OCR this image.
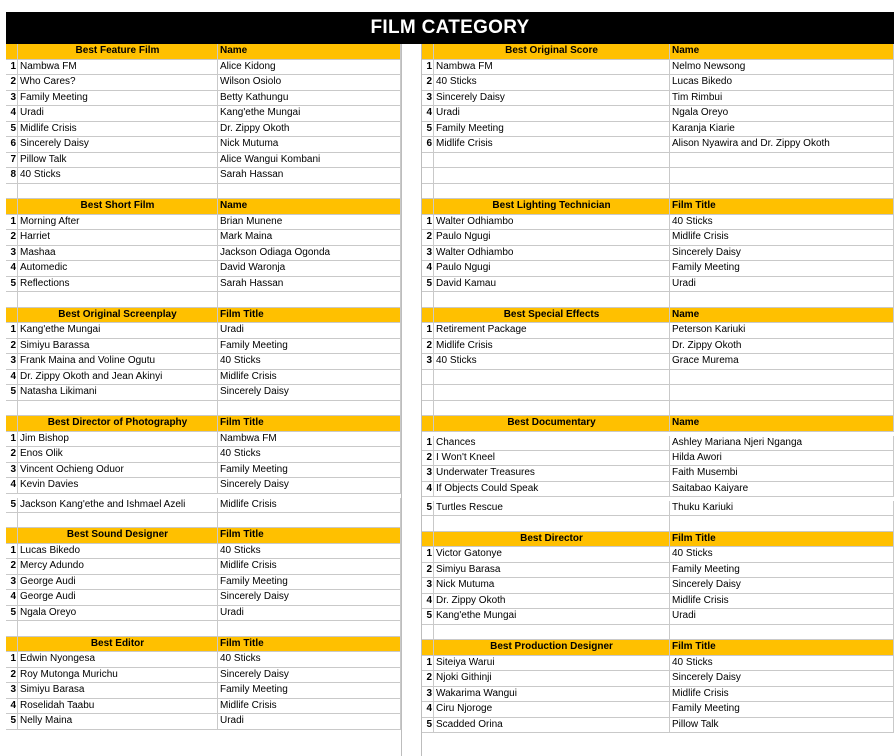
FILM CATEGORY
Best Feature Film	Name
1 Nambwa FM	Alice Kidong
2 Who Cares?	Wilson Osiolo
3 Family Meeting	Betty Kathungu
4 Uradi	Kang'ethe Mungai
5 Midlife Crisis	Dr. Zippy Okoth
6 Sincerely Daisy	Nick Mutuma
7 Pillow Talk	Alice Wangui Kombani
8 40 Sticks	Sarah Hassan
Best Short Film	Name
1 Morning After	Brian Munene
2 Harriet	Mark Maina
3 Mashaa	Jackson Odiaga Ogonda
4 Automedic	David Waronja
5 Reflections	Sarah Hassan
Best Original Screenplay	Film Title
1 Kang'ethe Mungai	Uradi
2 Simiyu Barassa	Family Meeting
3 Frank Maina and Voline Ogutu	40 Sticks
4 Dr. Zippy Okoth and Jean Akinyi	Midlife Crisis
5 Natasha Likimani	Sincerely Daisy
Best Director of Photography	Film Title
1 Jim Bishop	Nambwa FM
2 Enos Olik	40 Sticks
3 Vincent Ochieng Oduor	Family Meeting
4 Kevin Davies	Sincerely Daisy
5 Jackson Kang'ethe and Ishmael Azeli	Midlife Crisis
Best Sound Designer	Film Title
1 Lucas Bikedo	40 Sticks
2 Mercy Adundo	Midlife Crisis
3 George Audi	Family Meeting
4 George Audi	Sincerely Daisy
5 Ngala Oreyo	Uradi
Best Editor	Film Title
1 Edwin Nyongesa	40 Sticks
2 Roy Mutonga Murichu	Sincerely Daisy
3 Simiyu Barasa	Family Meeting
4 Roselidah Taabu	Midlife Crisis
5 Nelly Maina	Uradi
Best Original Score	Name
1 Nambwa FM	Nelmo Newsong
2 40 Sticks	Lucas Bikedo
3 Sincerely Daisy	Tim Rimbui
4 Uradi	Ngala Oreyo
5 Family Meeting	Karanja Kiarie
6 Midlife Crisis	Alison Nyawira and Dr. Zippy Okoth
Best Lighting Technician	Film Title
1 Walter Odhiambo	40 Sticks
2 Paulo Ngugi	Midlife Crisis
3 Walter Odhiambo	Sincerely Daisy
4 Paulo Ngugi	Family Meeting
5 David Kamau	Uradi
Best Special Effects	Name
1 Retirement Package	Peterson Kariuki
2 Midlife Crisis	Dr. Zippy Okoth
3 40 Sticks	Grace Murema
Best Documentary	Name
1 Chances	Ashley Mariana Njeri Nganga
2 I Won't Kneel	Hilda Awori
3 Underwater Treasures	Faith Musembi
4 If Objects Could Speak	Saitabao Kaiyare
5 Turtles Rescue	Thuku Kariuki
Best Director	Film Title
1 Victor Gatonye	40 Sticks
2 Simiyu Barasa	Family Meeting
3 Nick Mutuma	Sincerely Daisy
4 Dr. Zippy Okoth	Midlife Crisis
5 Kang'ethe Mungai	Uradi
Best Production Designer	Film Title
1 Siteiya Warui	40 Sticks
2 Njoki Githinji	Sincerely Daisy
3 Wakarima Wangui	Midlife Crisis
4 Ciru Njoroge	Family Meeting
5 Scadded Orina	Pillow Talk
